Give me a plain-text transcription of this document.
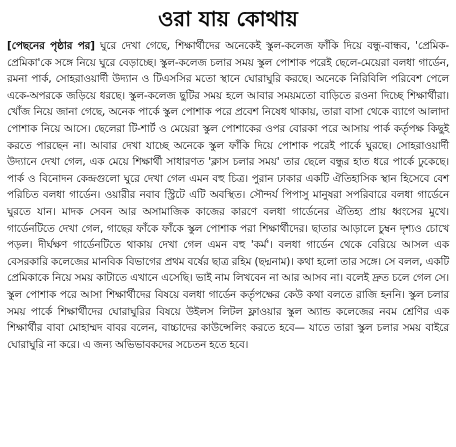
ওরা যায় কোথায়

[পেছনের পৃষ্ঠার পর] ঘুরে দেখা গেছে, শিক্ষার্থীদের অনেকেই স্কুল-কলেজ ফাঁকি দিয়ে বন্ধু-বান্ধব, 'প্রেমিক-প্রেমিকা'কে সঙ্গে নিয়ে ঘুরে বেড়াচ্ছে। স্কুল-কলেজ চলার সময় স্কুল পোশাক পরেই ছেলে-মেয়েরা বলধা গার্ডেন, রমনা পার্ক, সোহরাওয়ার্দী উদ্যান ও টিএসসির মতো স্থানে ঘোরাঘুরি করছে। অনেকে নিরিবিলি পরিবেশ পেলে একে-অপরকে জড়িয়ে ধরছে। স্কুল-কলেজ ছুটির সময় হলে আবার সময়মতো বাড়িতে রওনা দিচ্ছে শিক্ষার্থীরা। খোঁজ নিয়ে জানা গেছে, অনেক পার্কে স্কুল পোশাক পরে প্রবেশ নিষেধ থাকায়, তারা বাসা থেকে ব্যাগে আলাদা পোশাক নিয়ে আসে। ছেলেরা টি-শার্ট ও মেয়েরা স্কুল পোশাকের ওপর বোরকা পরে আসায় পার্ক কর্তৃপক্ষ কিছুই করতে পারছেন না। আবার দেখা যাচ্ছে অনেকে স্কুল ফাঁকি দিয়ে পোশাক পরেই পার্কে ঘুরছে। সোহরাওয়ার্দী উদ্যানে দেখা গেল, এক মেয়ে শিক্ষার্থী সাধারণত 'ক্লাস চলার সময়' তার ছেলে বন্ধুর হাত ধরে পার্কে ঢুকেছে। পার্ক ও বিনোদন কেন্দ্রগুলো ঘুরে দেখা গেল এমন বহু চিত্র। পুরান ঢাকার একটি ঐতিহাসিক স্থান হিসেবে বেশ পরিচিত বলধা গার্ডেন। ওয়ারীর নবাব স্ট্রিটে এটি অবস্থিত। সৌন্দর্য পিপাসু মানুষরা সপরিবারে বলধা গার্ডেনে ঘুরতে যান। মাদক সেবন আর অসামাজিক কাজের কারণে বলধা গার্ডেনের ঐতিহ্য প্রায় ধ্বংসের মুখে। গার্ডেনটিতে দেখা গেল, গাছের ফাঁকে ফাঁকে স্কুল পোশাক পরা শিক্ষার্থীদের। ছাতার আড়ালে চুম্বন দৃশ্যও চোখে পড়ল। দীর্ঘক্ষণ গার্ডেনটিতে থাকায় দেখা গেল এমন বহু 'কর্ম'। বলধা গার্ডেন থেকে বেরিয়ে আসল এক বেসরকারি কলেজের মানবিক বিভাগের প্রথম বর্ষের ছাত্র রহিম (ছদ্মনাম)। কথা হলো তার সঙ্গে। সে বলল, একটি প্রেমিকাকে নিয়ে সময় কাটাতে এখানে এসেছি। ভাই নাম লিখবেন না আর আসব না। বলেই দ্রুত চলে গেল সে। স্কুল পোশাক পরে আসা শিক্ষার্থীদের বিষয়ে বলধা গার্ডেন কর্তৃপক্ষের কেউ কথা বলতে রাজি হননি। স্কুল চলার সময় পার্কে শিক্ষার্থীদের ঘোরাঘুরির বিষয়ে উইলস লিটল ফ্লাওয়ার স্কুল অ্যান্ড কলেজের নবম শ্রেণির এক শিক্ষার্থীর বাবা মোহাম্মদ বাবর বলেন, বাচ্চাদের কাউন্সেলিং করতে হবে— যাতে তারা স্কুল চলার সময় বাইরে ঘোরাঘুরি না করে। এ জন্য অভিভাবকদের সচেতন হতে হবে।
